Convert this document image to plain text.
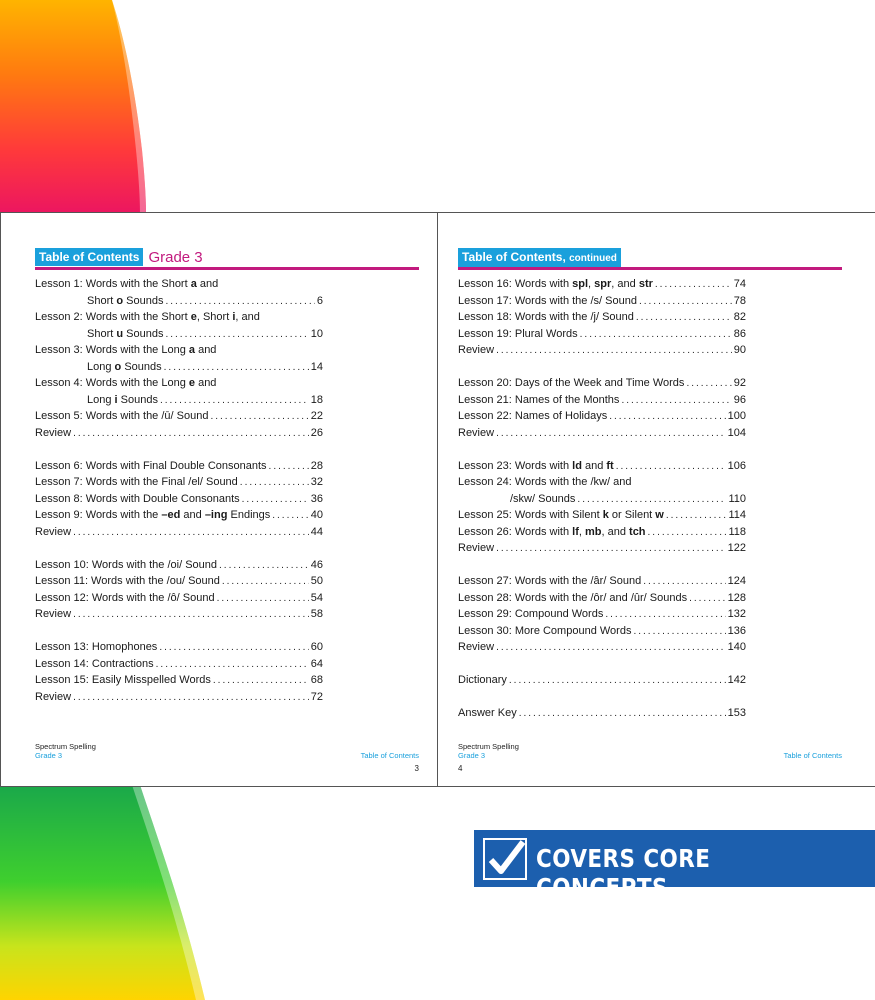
Table of Contents Grade 3
Lesson 1: Words with the Short a and
Short o Sounds .....	6
Lesson 2: Words with the Short e, Short i, and
Short u Sounds .....	10
Lesson 3: Words with the Long a and
Long o Sounds .....	14
Lesson 4: Words with the Long e and
Long i Sounds .....	18
Lesson 5: Words with the /ū/ Sound .....	22
Review .....	26
Lesson 6: Words with Final Double Consonants .....	28
Lesson 7: Words with the Final /el/ Sound .....	32
Lesson 8: Words with Double Consonants .....	36
Lesson 9: Words with the –ed and –ing Endings .....	40
Review .....	44
Lesson 10: Words with the /oi/ Sound .....	46
Lesson 11: Words with the /ou/ Sound .....	50
Lesson 12: Words with the /ô/ Sound .....	54
Review .....	58
Lesson 13: Homophones .....	60
Lesson 14: Contractions .....	64
Lesson 15: Easily Misspelled Words .....	68
Review .....	72
Spectrum Spelling
Grade 3	Table of Contents
3
Table of Contents, continued
Lesson 16: Words with spl, spr, and str .....	74
Lesson 17: Words with the /s/ Sound .....	78
Lesson 18: Words with the /j/ Sound .....	82
Lesson 19: Plural Words .....	86
Review .....	90
Lesson 20: Days of the Week and Time Words .....	92
Lesson 21: Names of the Months .....	96
Lesson 22: Names of Holidays .....	100
Review .....	104
Lesson 23: Words with ld and ft .....	106
Lesson 24: Words with the /kw/ and
/skw/ Sounds .....	110
Lesson 25: Words with Silent k or Silent w .....	114
Lesson 26: Words with lf, mb, and tch .....	118
Review .....	122
Lesson 27: Words with the /âr/ Sound .....	124
Lesson 28: Words with the /ôr/ and /ûr/ Sounds .....	128
Lesson 29: Compound Words .....	132
Lesson 30: More Compound Words .....	136
Review .....	140
Dictionary .....	142
Answer Key .....	153
Spectrum Spelling
Grade 3	Table of Contents
4
COVERS CORE CONCEPTS
